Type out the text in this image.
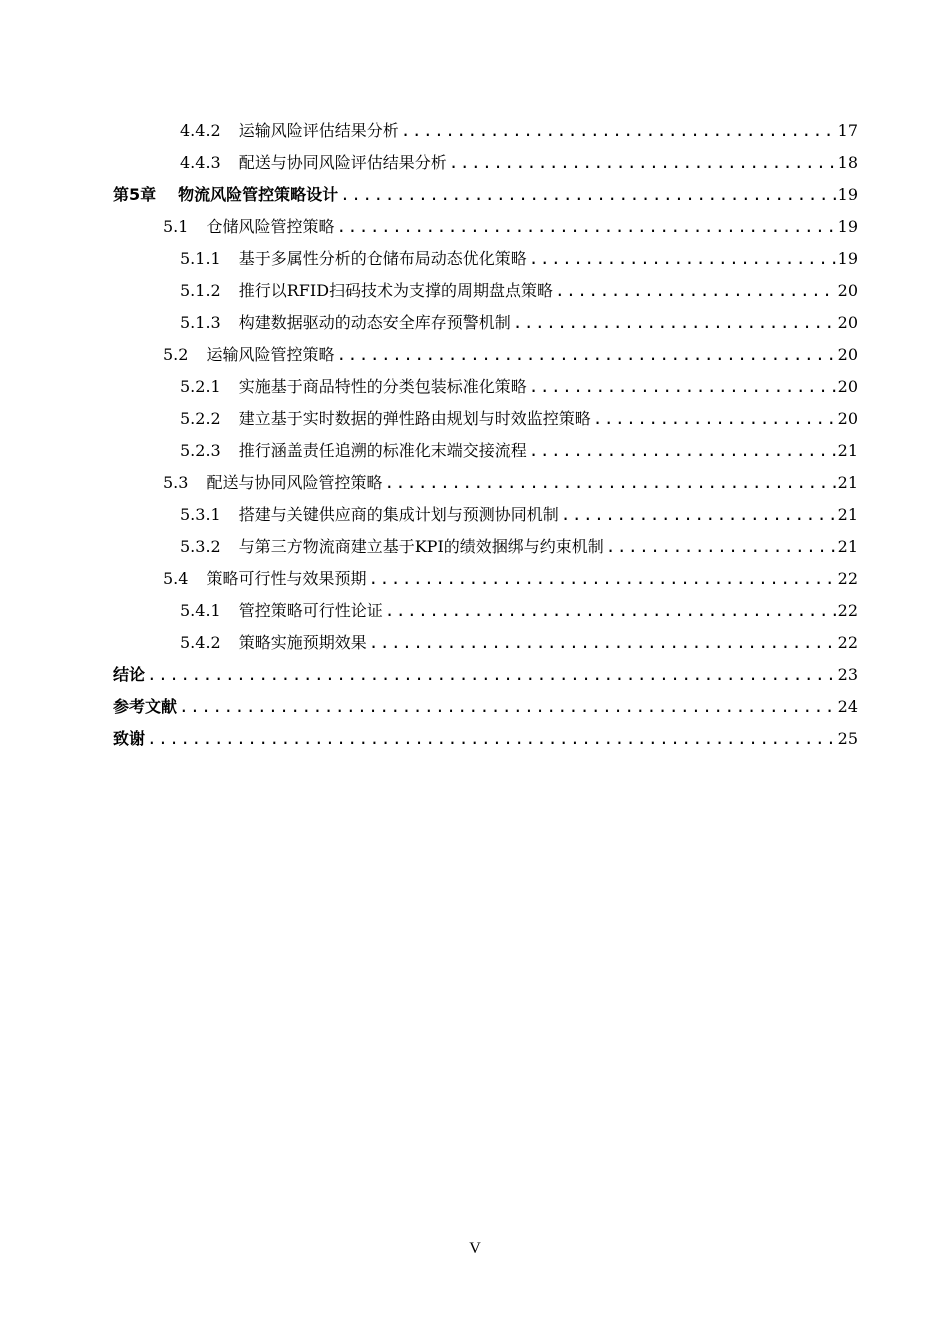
4.4.2 运输风险评估结果分析 .....	17
4.4.3 配送与协同风险评估结果分析 .....	18
第5章 物流风险管控策略设计 .....	19
5.1 仓储风险管控策略 .....	19
5.1.1 基于多属性分析的仓储布局动态优化策略 .....	19
5.1.2 推行以RFID扫码技术为支撑的周期盘点策略 .....	20
5.1.3 构建数据驱动的动态安全库存预警机制 .....	20
5.2 运输风险管控策略 .....	20
5.2.1 实施基于商品特性的分类包装标准化策略 .....	20
5.2.2 建立基于实时数据的弹性路由规划与时效监控策略 .....	20
5.2.3 推行涵盖责任追溯的标准化末端交接流程 .....	21
5.3 配送与协同风险管控策略 .....	21
5.3.1 搭建与关键供应商的集成计划与预测协同机制 .....	21
5.3.2 与第三方物流商建立基于KPI的绩效捆绑与约束机制 .....	21
5.4 策略可行性与效果预期 .....	22
5.4.1 管控策略可行性论证 .....	22
5.4.2 策略实施预期效果 .....	22
结论 .....	23
参考文献 .....	24
致谢 .....	25
V
